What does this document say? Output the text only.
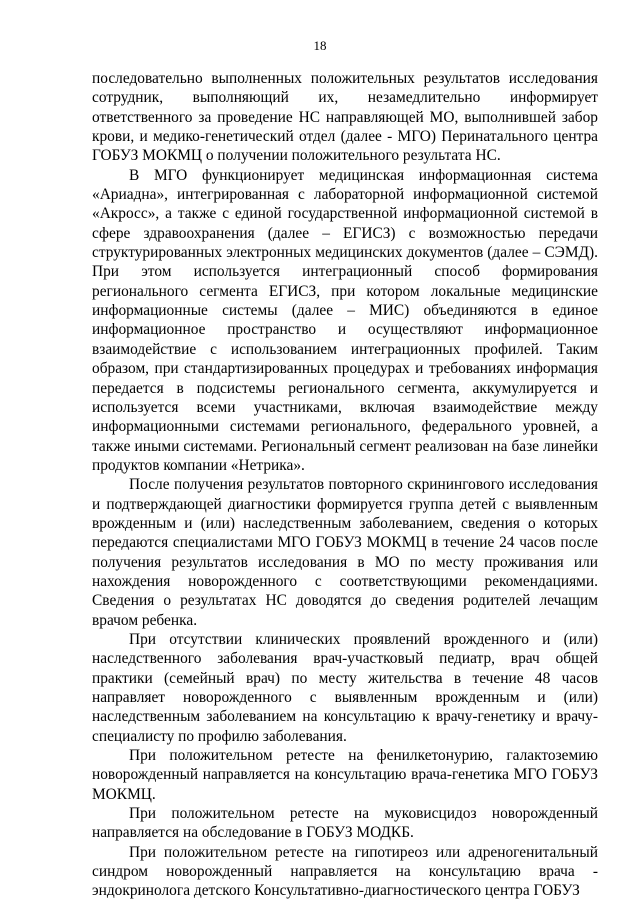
18

последовательно выполненных положительных результатов исследования сотрудник, выполняющий их, незамедлительно информирует ответственного за проведение НС направляющей МО, выполнившей забор крови, и медико-генетический отдел (далее - МГО) Перинатального центра ГОБУЗ МОКМЦ о получении положительного результата НС.

В МГО функционирует медицинская информационная система «Ариадна», интегрированная с лабораторной информационной системой «Акросс», а также с единой государственной информационной системой в сфере здравоохранения (далее – ЕГИСЗ) с возможностью передачи структурированных электронных медицинских документов (далее – СЭМД). При этом используется интеграционный способ формирования регионального сегмента ЕГИСЗ, при котором локальные медицинские информационные системы (далее – МИС) объединяются в единое информационное пространство и осуществляют информационное взаимодействие с использованием интеграционных профилей. Таким образом, при стандартизированных процедурах и требованиях информация передается в подсистемы регионального сегмента, аккумулируется и используется всеми участниками, включая взаимодействие между информационными системами регионального, федерального уровней, а также иными системами. Региональный сегмент реализован на базе линейки продуктов компании «Нетрика».

После получения результатов повторного скринингового исследования и подтверждающей диагностики формируется группа детей с выявленным врожденным и (или) наследственным заболеванием, сведения о которых передаются специалистами МГО ГОБУЗ МОКМЦ в течение 24 часов после получения результатов исследования в МО по месту проживания или нахождения новорожденного с соответствующими рекомендациями. Сведения о результатах НС доводятся до сведения родителей лечащим врачом ребенка.

При отсутствии клинических проявлений врожденного и (или) наследственного заболевания врач-участковый педиатр, врач общей практики (семейный врач) по месту жительства в течение 48 часов направляет новорожденного с выявленным врожденным и (или) наследственным заболеванием на консультацию к врачу-генетику и врачу-специалисту по профилю заболевания.

При положительном ретесте на фенилкетонурию, галактоземию новорожденный направляется на консультацию врача-генетика МГО ГОБУЗ МОКМЦ.

При положительном ретесте на муковисцидоз новорожденный направляется на обследование в ГОБУЗ МОДКБ.

При положительном ретесте на гипотиреоз или адреногенитальный синдром новорожденный направляется на консультацию врача - эндокринолога детского Консультативно-диагностического центра ГОБУЗ
